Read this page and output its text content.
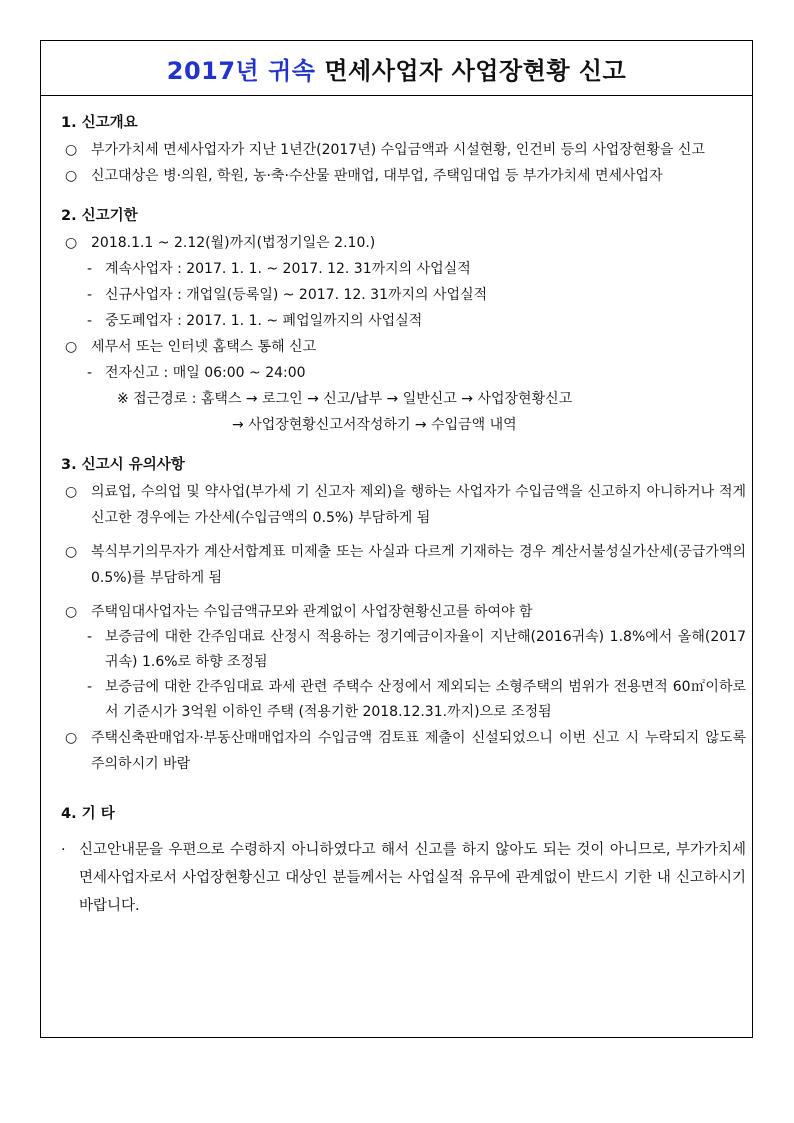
2017년 귀속 면세사업자 사업장현황 신고
1. 신고개요
○ 부가가치세 면세사업자가 지난 1년간(2017년) 수입금액과 시설현황, 인건비 등의 사업장현황을 신고
○ 신고대상은 병·의원, 학원, 농·축·수산물 판매업, 대부업, 주택임대업 등 부가가치세 면세사업자
2. 신고기한
○ 2018.1.1 ~ 2.12(월)까지(법정기일은 2.10.)
- 계속사업자 : 2017. 1. 1. ~ 2017. 12. 31까지의 사업실적
- 신규사업자 : 개업일(등록일) ~ 2017. 12. 31까지의 사업실적
- 중도폐업자 : 2017. 1. 1. ~ 폐업일까지의 사업실적
○ 세무서 또는 인터넷 홈택스 통해 신고
- 전자신고 : 매일 06:00 ~ 24:00
※ 접근경로 : 홈택스 → 로그인 → 신고/납부 → 일반신고 → 사업장현황신고
→ 사업장현황신고서작성하기 → 수입금액 내역
3. 신고시 유의사항
○ 의료업, 수의업 및 약사업(부가세 기 신고자 제외)을 행하는 사업자가 수입금액을 신고하지 아니하거나 적게 신고한 경우에는 가산세(수입금액의 0.5%) 부담하게 됨
○ 복식부기의무자가 계산서합계표 미제출 또는 사실과 다르게 기재하는 경우 계산서불성실가산세(공급가액의 0.5%)를 부담하게 됨
○ 주택임대사업자는 수입금액규모와 관계없이 사업장현황신고를 하여야 함
- 보증금에 대한 간주임대료 산정시 적용하는 정기예금이자율이 지난해(2016귀속) 1.8%에서 올해(2017귀속) 1.6%로 하향 조정됨
- 보증금에 대한 간주임대료 과세 관련 주택수 산정에서 제외되는 소형주택의 범위가 전용면적 60㎡이하로서 기준시가 3억원 이하인 주택 (적용기한 2018.12.31.까지)으로 조정됨
○ 주택신축판매업자·부동산매매업자의 수입금액 검토표 제출이 신설되었으니 이번 신고 시 누락되지 않도록 주의하시기 바람
4. 기 타
· 신고안내문을 우편으로 수령하지 아니하였다고 해서 신고를 하지 않아도 되는 것이 아니므로, 부가가치세 면세사업자로서 사업장현황신고 대상인 분들께서는 사업실적 유무에 관계없이 반드시 기한 내 신고하시기 바랍니다.
